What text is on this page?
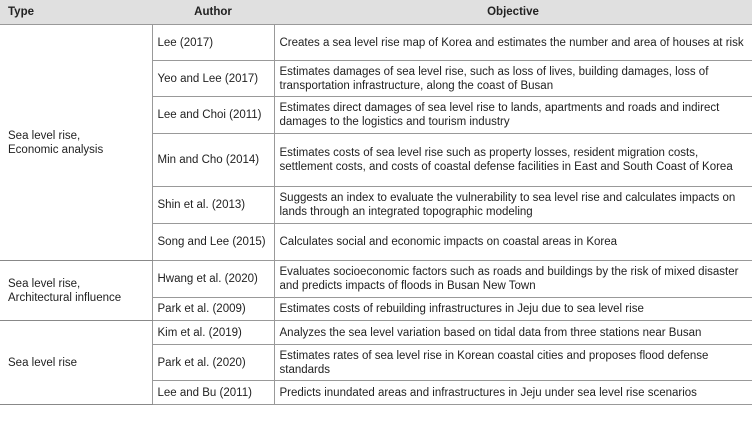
Type	Author	Objective
Sea level rise,
Economic analysis	Lee (2017)	Creates a sea level rise map of Korea and estimates the number and area of houses at risk
	Yeo and Lee (2017)	Estimates damages of sea level rise, such as loss of lives, building damages, loss of transportation infrastructure, along the coast of Busan
	Lee and Choi (2011)	Estimates direct damages of sea level rise to lands, apartments and roads and indirect damages to the logistics and tourism industry
	Min and Cho (2014)	Estimates costs of sea level rise such as property losses, resident migration costs, settlement costs, and costs of coastal defense facilities in East and South Coast of Korea
	Shin et al. (2013)	Suggests an index to evaluate the vulnerability to sea level rise and calculates impacts on lands through an integrated topographic modeling
	Song and Lee (2015)	Calculates social and economic impacts on coastal areas in Korea
Sea level rise,
Architectural influence	Hwang et al. (2020)	Evaluates socioeconomic factors such as roads and buildings by the risk of mixed disaster and predicts impacts of floods in Busan New Town
	Park et al. (2009)	Estimates costs of rebuilding infrastructures in Jeju due to sea level rise
Sea level rise	Kim et al. (2019)	Analyzes the sea level variation based on tidal data from three stations near Busan
	Park et al. (2020)	Estimates rates of sea level rise in Korean coastal cities and proposes flood defense standards
	Lee and Bu (2011)	Predicts inundated areas and infrastructures in Jeju under sea level rise scenarios
